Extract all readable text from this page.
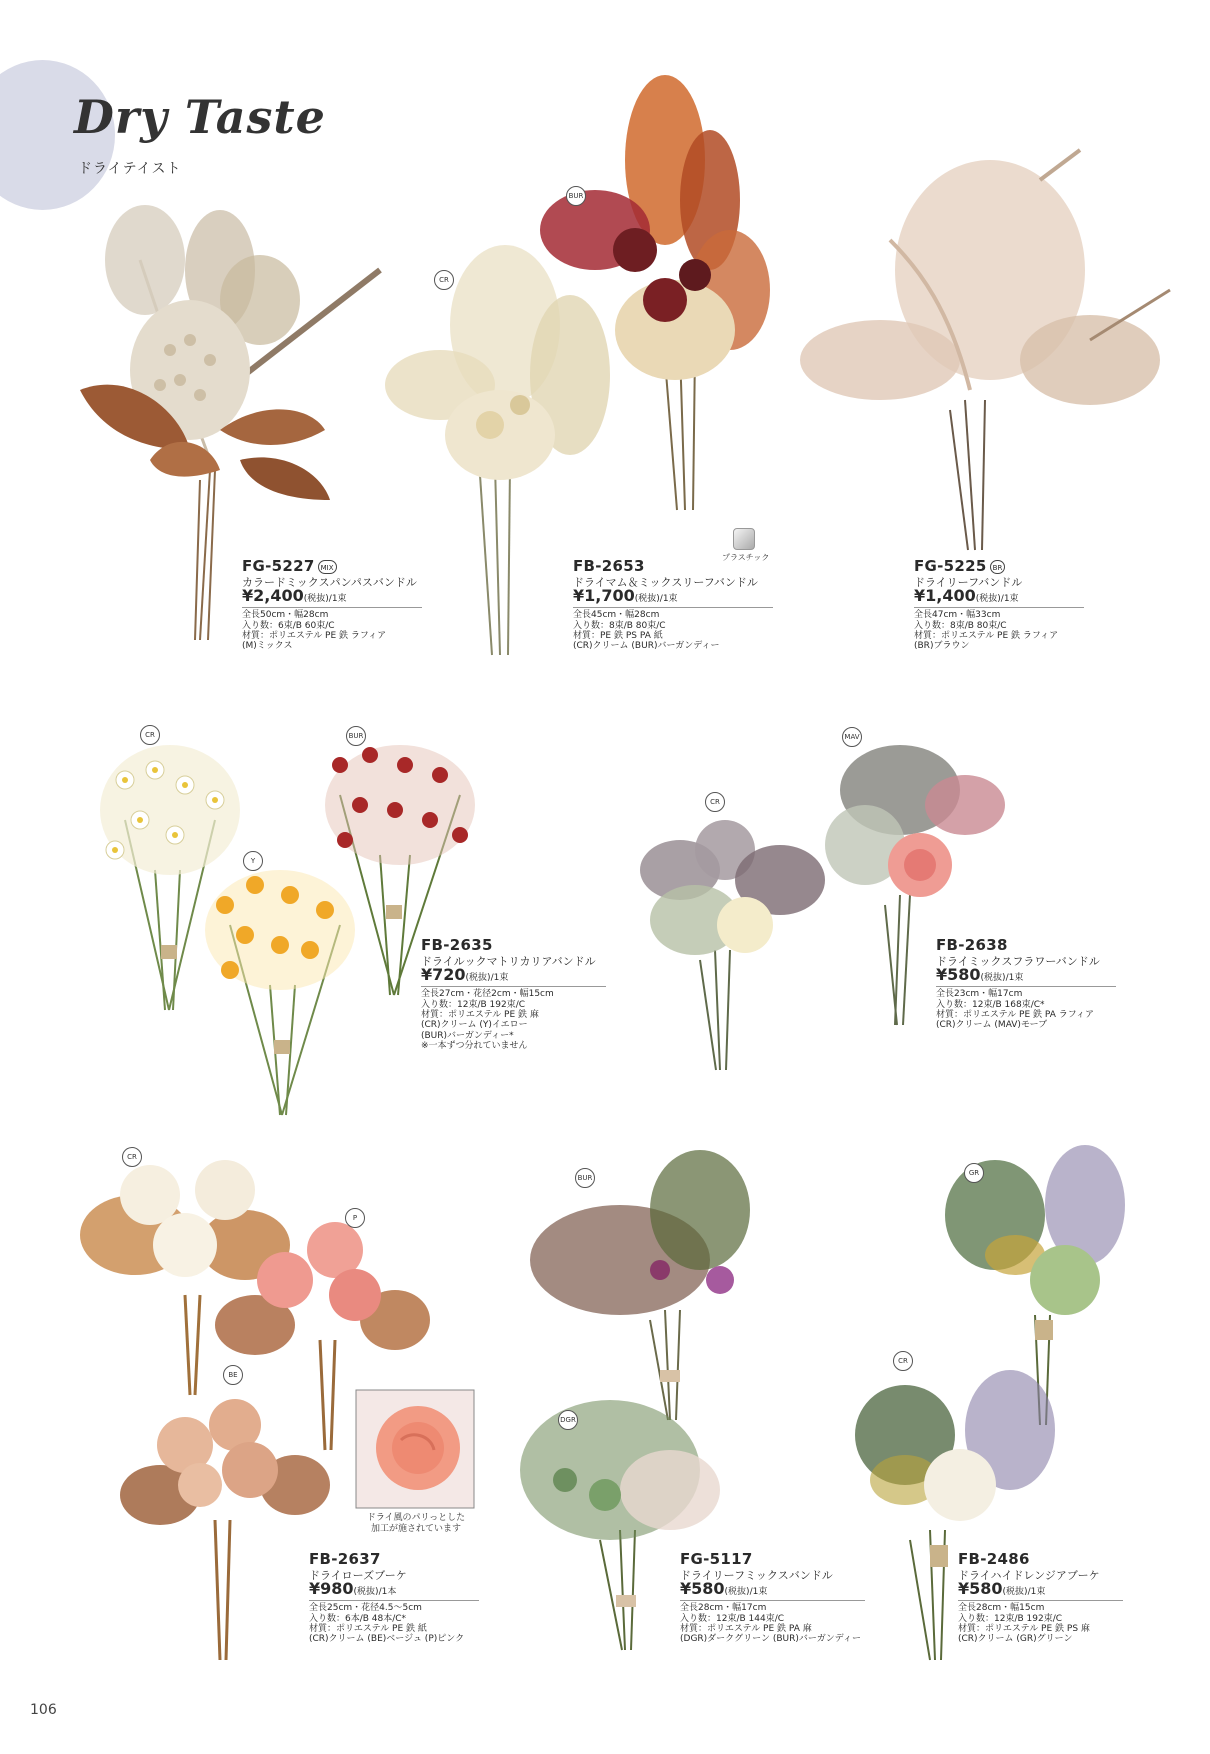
Dry Taste
ドライテイスト
CR
BUR
CR
Y
BUR
CR
MAV
CR
P
BE
ドライ風のパリっとした
加工が施されています
BUR
DGR
GR
CR
FG-5227 MIX
カラードミックスパンパスバンドル
¥2,400(税抜)/1束
全長50cm・幅28cm
入り数：6束/B 60束/C
材質：ポリエステル PE 鉄 ラフィア
(M)ミックス
FB-2653
ドライマム＆ミックスリーフバンドル
¥1,700(税抜)/1束
全長45cm・幅28cm
入り数：8束/B 80束/C
材質：PE 鉄 PS PA 紙
(CR)クリーム (BUR)バーガンディー
プラスチック	FG-5225 BR
ドライリーフバンドル
¥1,400(税抜)/1束
全長47cm・幅33cm
入り数：8束/B 80束/C
材質：ポリエステル PE 鉄 ラフィア
(BR)ブラウン
FB-2635
ドライルックマトリカリアバンドル
¥720(税抜)/1束
全長27cm・花径2cm・幅15cm
入り数：12束/B 192束/C
材質：ポリエステル PE 鉄 麻
(CR)クリーム (Y)イエロー
(BUR)バーガンディー*
※一本ずつ分れていません
FB-2638
ドライミックスフラワーバンドル
¥580(税抜)/1束
全長23cm・幅17cm
入り数：12束/B 168束/C*
材質：ポリエステル PE 鉄 PA ラフィア
(CR)クリーム (MAV)モーブ
FB-2637
ドライローズブーケ
¥980(税抜)/1本
全長25cm・花径4.5～5cm
入り数：6本/B 48本/C*
材質：ポリエステル PE 鉄 紙
(CR)クリーム (BE)ベージュ (P)ピンク
FG-5117
ドライリーフミックスバンドル
¥580(税抜)/1束
全長28cm・幅17cm
入り数：12束/B 144束/C
材質：ポリエステル PE 鉄 PA 麻
(DGR)ダークグリーン (BUR)バーガンディー
FB-2486
ドライハイドレンジアブーケ
¥580(税抜)/1束
全長28cm・幅15cm
入り数：12束/B 192束/C
材質：ポリエステル PE 鉄 PS 麻
(CR)クリーム (GR)グリーン
106
